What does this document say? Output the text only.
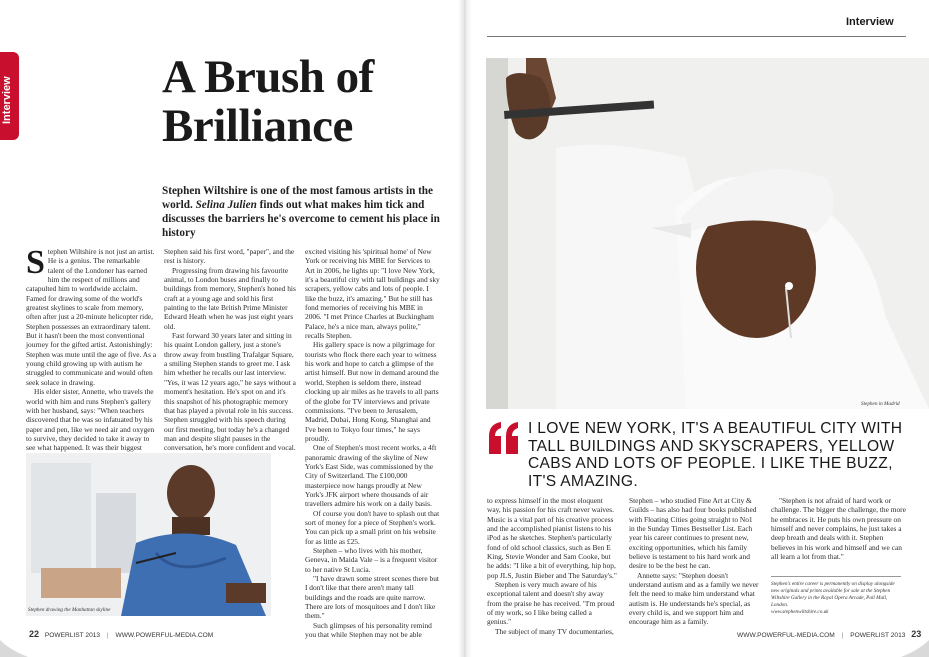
Interview	A Brush of Brilliance
Stephen Wiltshire is one of the most famous artists in the world. Selina Julien finds out what makes him tick and discusses the barriers he's overcome to cement his place in history

Stephen Wiltshire is not just an artist. He is a genius. The remarkable talent of the Londoner has earned him the respect of millions and catapulted him to worldwide acclaim. Famed for drawing some of the world's greatest skylines to scale from memory, often after just a 20-minute helicopter ride, Stephen possesses an extraordinary talent. But it hasn't been the most conventional journey for the gifted artist. Astonishingly: Stephen was mute until the age of five. As a young child growing up with autism he struggled to communicate and would often seek solace in drawing.

His elder sister, Annette, who travels the world with him and runs Stephen's gallery with her husband, says: "When teachers discovered that he was so infatuated by his paper and pen, like we need air and oxygen to survive, they decided to take it away to see what happened. It was their biggest

Stephen said his first word, "paper", and the rest is history.

Progressing from drawing his favourite animal, to London buses and finally to buildings from memory, Stephen's honed his craft at a young age and sold his first painting to the late British Prime Minister Edward Heath when he was just eight years old.

Fast forward 30 years later and sitting in his quaint London gallery, just a stone's throw away from bustling Trafalgar Square, a smiling Stephen stands to greet me. I ask him whether he recalls our last interview. "Yes, it was 12 years ago," he says without a moment's hesitation. He's spot on and it's this snapshot of his photographic memory that has played a pivotal role in his success. Stephen struggled with his speech during our first meeting, but today he's a changed man and despite slight pauses in the conversation, he's more confident and vocal.

excited visiting his 'spiritual home' of New York or receiving his MBE for Services to Art in 2006, he lights up: "I love New York, it's a beautiful city with tall buildings and sky scrapers, yellow cabs and lots of people. I like the buzz, it's amazing." But he still has fond memories of receiving his MBE in 2006. "I met Prince Charles at Buckingham Palace, he's a nice man, always polite," recalls Stephen.

His gallery space is now a pilgrimage for tourists who flock there each year to witness his work and hope to catch a glimpse of the artist himself. But now in demand around the world, Stephen is seldom there, instead clocking up air miles as he travels to all parts of the globe for TV interviews and private commissions. "I've been to Jerusalem, Madrid, Dubai, Hong Kong, Shanghai and I've been to Tokyo four times," he says proudly.

One of Stephen's most recent works, a 4ft panoramic drawing of the skyline of New York's East Side, was commissioned by the City of Switzerland. The £100,000 masterpiece now hangs proudly at New York's JFK airport where thousands of air travellers admire his work on a daily basis.

Of course you don't have to splash out that sort of money for a piece of Stephen's work. You can pick up a small print on his website for as little as £25.

Stephen – who lives with his mother, Geneva, in Maida Vale – is a frequent visitor to her native St Lucia.

"I have drawn some street scenes there but I don't like that there aren't many tall buildings and the roads are quite narrow. There are lots of mosquitoes and I don't like them."

Such glimpses of his personality remind you that while Stephen may not be able

Stephen drawing the Manhattan skyline
22 POWERLIST 2013 | WWW.POWERFUL-MEDIA.COM
Interview
Stephen in Madrid
I LOVE NEW YORK, IT'S A BEAUTIFUL CITY WITH TALL BUILDINGS AND SKYSCRAPERS, YELLOW CABS AND LOTS OF PEOPLE. I LIKE THE BUZZ, IT'S AMAZING.

to express himself in the most eloquent way, his passion for his craft never waives. Music is a vital part of his creative process and the accomplished pianist listens to his iPod as he sketches. Stephen's particularly fond of old school classics, such as Ben E King, Stevie Wonder and Sam Cooke, but he adds: "I like a bit of everything, hip hop, pop JLS, Justin Bieber and The Saturday's."

Stephen is very much aware of his exceptional talent and doesn't shy away from the praise he has received. "I'm proud of my work, so I like being called a genius."

The subject of many TV documentaries,

Stephen – who studied Fine Art at City & Guilds – has also had four books published with Floating Cities going straight to No1 in the Sunday Times Bestseller List. Each year his career continues to present new, exciting opportunities, which his family believe is testament to his hard work and desire to be the best he can.

Annette says: "Stephen doesn't understand autism and as a family we never felt the need to make him understand what autism is. He understands he's special, as every child is, and we support him and encourage him as a family.

"Stephen is not afraid of hard work or challenge. The bigger the challenge, the more he embraces it. He puts his own pressure on himself and never complains, he just takes a deep breath and deals with it. Stephen believes in his work and himself and we can all learn a lot from that."

Stephen's entire career is permanently on display alongside new originals and prints available for sale at the Stephen Wiltshire Gallery in the Royal Opera Arcade, Pall Mall, London.
www.stephenwiltshire.co.uk
WWW.POWERFUL-MEDIA.COM | POWERLIST 2013 23
